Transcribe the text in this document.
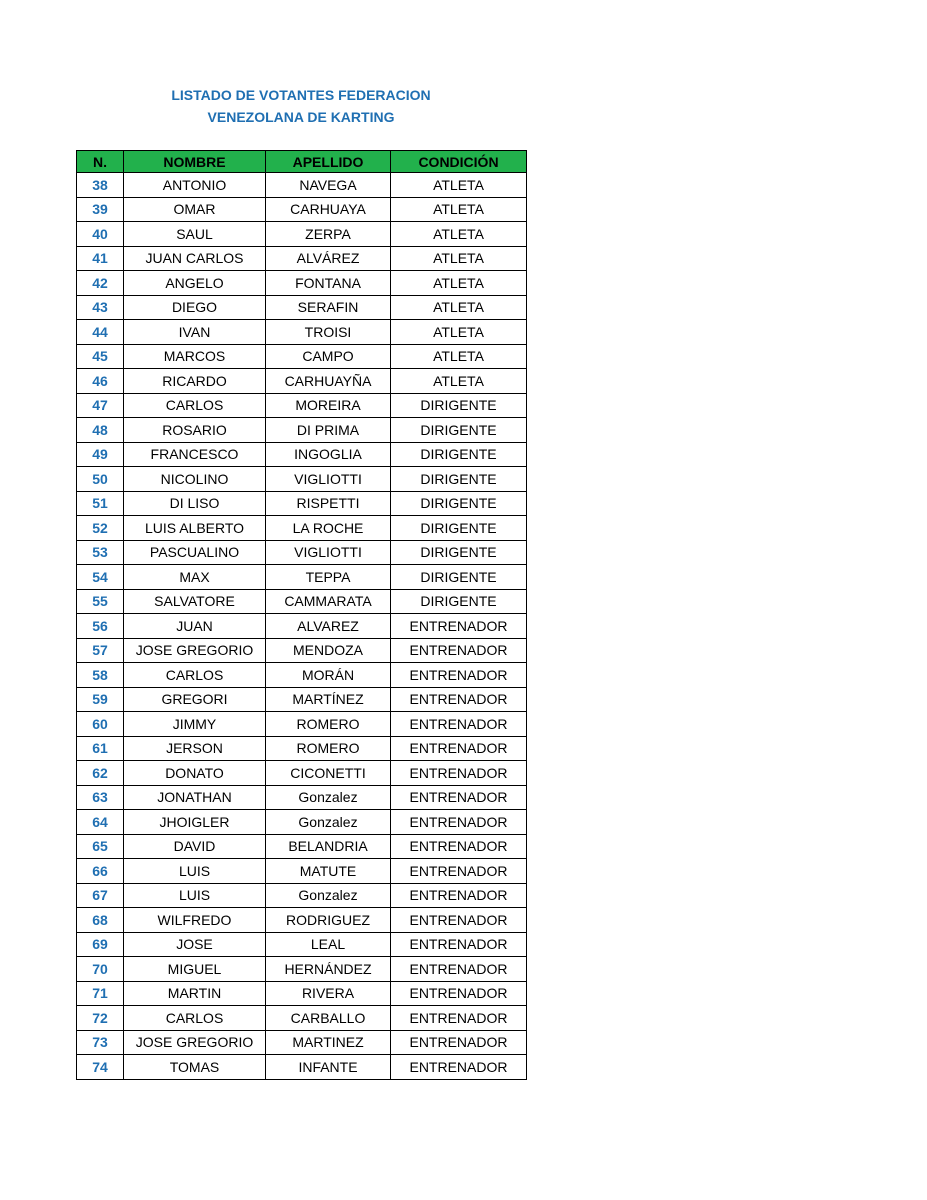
LISTADO DE VOTANTES FEDERACION
VENEZOLANA DE KARTING
N.	NOMBRE	APELLIDO	CONDICIÓN
38	ANTONIO	NAVEGA	ATLETA
39	OMAR	CARHUAYA	ATLETA
40	SAUL	ZERPA	ATLETA
41	JUAN CARLOS	ALVÁREZ	ATLETA
42	ANGELO	FONTANA	ATLETA
43	DIEGO	SERAFIN	ATLETA
44	IVAN	TROISI	ATLETA
45	MARCOS	CAMPO	ATLETA
46	RICARDO	CARHUAYÑA	ATLETA
47	CARLOS	MOREIRA	DIRIGENTE
48	ROSARIO	DI PRIMA	DIRIGENTE
49	FRANCESCO	INGOGLIA	DIRIGENTE
50	NICOLINO	VIGLIOTTI	DIRIGENTE
51	DI LISO	RISPETTI	DIRIGENTE
52	LUIS ALBERTO	LA ROCHE	DIRIGENTE
53	PASCUALINO	VIGLIOTTI	DIRIGENTE
54	MAX	TEPPA	DIRIGENTE
55	SALVATORE	CAMMARATA	DIRIGENTE
56	JUAN	ALVAREZ	ENTRENADOR
57	JOSE GREGORIO	MENDOZA	ENTRENADOR
58	CARLOS	MORÁN	ENTRENADOR
59	GREGORI	MARTÍNEZ	ENTRENADOR
60	JIMMY	ROMERO	ENTRENADOR
61	JERSON	ROMERO	ENTRENADOR
62	DONATO	CICONETTI	ENTRENADOR
63	JONATHAN	Gonzalez	ENTRENADOR
64	JHOIGLER	Gonzalez	ENTRENADOR
65	DAVID	BELANDRIA	ENTRENADOR
66	LUIS	MATUTE	ENTRENADOR
67	LUIS	Gonzalez	ENTRENADOR
68	WILFREDO	RODRIGUEZ	ENTRENADOR
69	JOSE	LEAL	ENTRENADOR
70	MIGUEL	HERNÁNDEZ	ENTRENADOR
71	MARTIN	RIVERA	ENTRENADOR
72	CARLOS	CARBALLO	ENTRENADOR
73	JOSE GREGORIO	MARTINEZ	ENTRENADOR
74	TOMAS	INFANTE	ENTRENADOR
